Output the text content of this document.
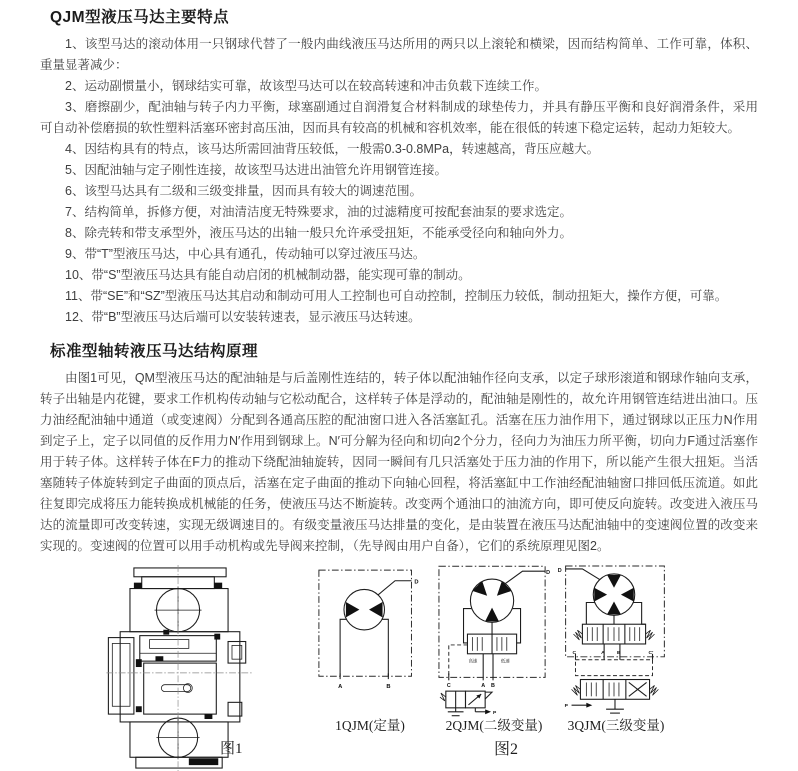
QJM型液压马达主要特点

1、该型马达的滚动体用一只钢球代替了一般内曲线液压马达所用的两只以上滚轮和横梁，因而结构简单、工作可靠，体积、重量显著减少：

2、运动副惯量小，钢球结实可靠，故该型马达可以在较高转速和冲击负载下连续工作。

3、磨擦副少，配油轴与转子内力平衡，球塞副通过自润滑复合材料制成的球垫传力，并具有静压平衡和良好润滑条件，采用可自动补偿磨损的软性塑料活塞环密封高压油，因而具有较高的机械和容机效率，能在很低的转速下稳定运转，起动力矩较大。

4、因结构具有的特点，该马达所需回油背压较低，一般需0.3-0.8MPa，转速越高，背压应越大。

5、因配油轴与定子刚性连接，故该型马达进出油管允许用钢管连接。

6、该型马达具有二级和三级变排量，因而具有较大的调速范围。

7、结构简单，拆修方便，对油清洁度无特殊要求，油的过滤精度可按配套油泵的要求选定。

8、除壳转和带支承型外，液压马达的出轴一般只允许承受扭矩，不能承受径向和轴向外力。

9、带“T”型液压马达，中心具有通孔，传动轴可以穿过液压马达。

10、带“S”型液压马达具有能自动启闭的机械制动器，能实现可靠的制动。

11、带“SE”和“SZ”型液压马达其启动和制动可用人工控制也可自动控制，控制压力较低，制动扭矩大，操作方便，可靠。

12、带“B”型液压马达后端可以安装转速表，显示液压马达转速。

标准型轴转液压马达结构原理

由图1可见，QM型液压马达的配油轴是与后盖刚性连结的，转子体以配油轴作径向支承，以定子球形滚道和钢球作轴向支承，转子出轴是内花键，要求工作机构传动轴与它松动配合，这样转子体是浮动的，配油轴是刚性的，故允许用钢管连结进出油口。压力油经配油轴中通道（或变速阀）分配到各通高压腔的配油窗口进入各活塞缸孔。活塞在压力油作用下，通过钢球以正压力N作用到定子上，定子以同值的反作用力N′作用到钢球上。N′可分解为径向和切向2个分力，径向力为油压力所平衡，切向力F通过活塞作用于转子体。这样转子体在F力的推动下绕配油轴旋转，因同一瞬间有几只活塞处于压力油的作用下，所以能产生很大扭矩。当活塞随转子体旋转到定子曲面的顶点后，活塞在定子曲面的推动下向轴心回程，将活塞缸中工作油经配油轴窗口排回低压流道。如此往复即完成将压力能转换成机械能的任务，使液压马达不断旋转。改变两个通油口的油流方向，即可使反向旋转。改变进入液压马达的流量即可改变转速，实现无级调速目的。有级变量液压马达排量的变化，是由装置在液压马达配油轴中的变速阀位置的改变来实现的。变速阀的位置可以用手动机构或先导阀来控制，（先导阀由用户自备），它们的系统原理见图2。

图1
A	B
D
1QJM(定量)
高速	低速
C	A B
D
P
2QJM(二级变量)
图2
D
C	A B	C′
P
3QJM(三级变量)
